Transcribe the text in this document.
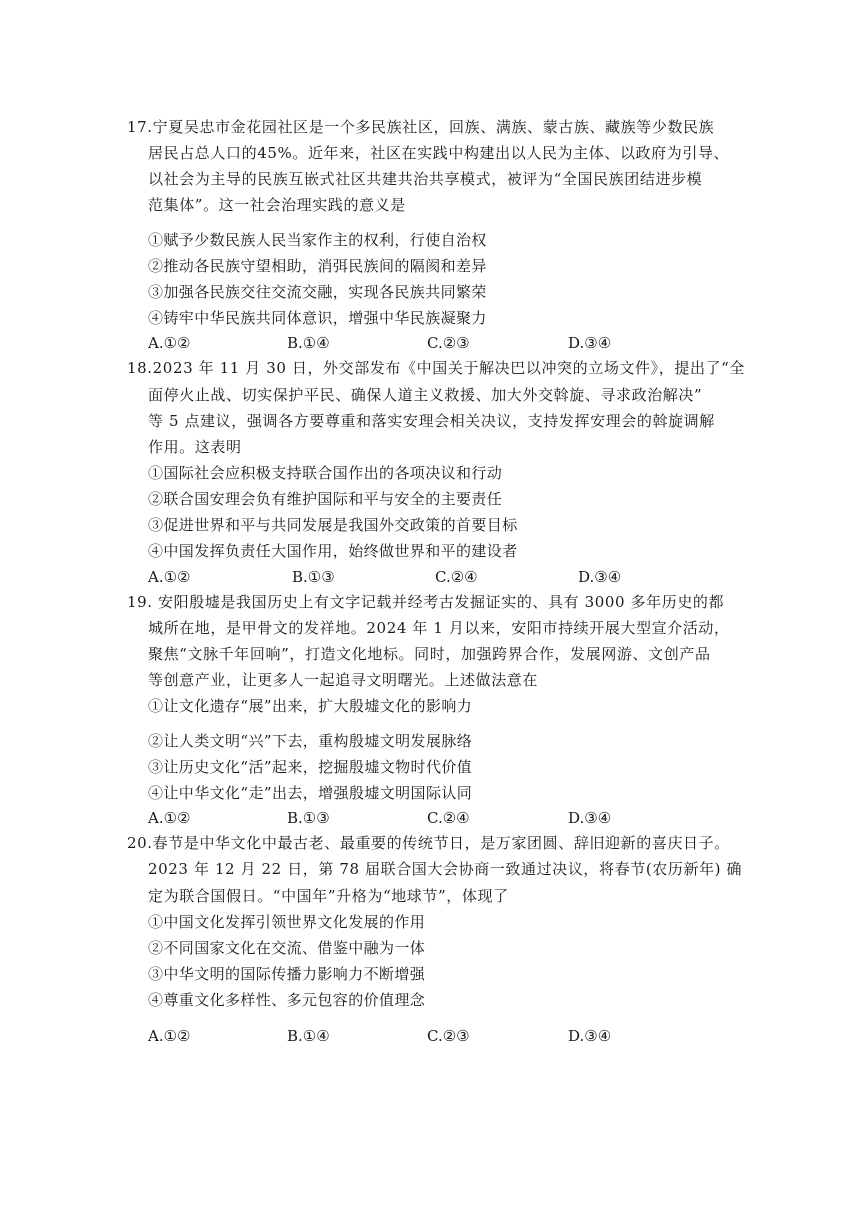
17.宁夏吴忠市金花园社区是一个多民族社区，回族、满族、蒙古族、藏族等少数民族
居民占总人口的45%。近年来，社区在实践中构建出以人民为主体、以政府为引导、
以社会为主导的民族互嵌式社区共建共治共享模式，被评为“全国民族团结进步模
范集体”。这一社会治理实践的意义是
①赋予少数民族人民当家作主的权利，行使自治权
②推动各民族守望相助，消弭民族间的隔阂和差异
③加强各民族交往交流交融，实现各民族共同繁荣
④铸牢中华民族共同体意识，增强中华民族凝聚力
A.①②	B.①④	C.②③	D.③④
18.2023 年 11 月 30 日，外交部发布《中国关于解决巴以冲突的立场文件》，提出了“全
面停火止战、切实保护平民、确保人道主义救援、加大外交斡旋、寻求政治解决”
等 5 点建议，强调各方要尊重和落实安理会相关决议，支持发挥安理会的斡旋调解
作用。这表明
①国际社会应积极支持联合国作出的各项决议和行动
②联合国安理会负有维护国际和平与安全的主要责任
③促进世界和平与共同发展是我国外交政策的首要目标
④中国发挥负责任大国作用，始终做世界和平的建设者
A.①②	B.①③	C.②④	D.③④
19. 安阳殷墟是我国历史上有文字记载并经考古发掘证实的、具有 3000 多年历史的都
城所在地，是甲骨文的发祥地。2024 年 1 月以来，安阳市持续开展大型宣介活动，
聚焦“文脉千年回响”，打造文化地标。同时，加强跨界合作，发展网游、文创产品
等创意产业，让更多人一起追寻文明曙光。上述做法意在
①让文化遗存“展”出来，扩大殷墟文化的影响力
②让人类文明“兴”下去，重构殷墟文明发展脉络
③让历史文化“活”起来，挖掘殷墟文物时代价值
④让中华文化“走”出去，增强殷墟文明国际认同
A.①②	B.①③	C.②④	D.③④
20.春节是中华文化中最古老、最重要的传统节日，是万家团圆、辞旧迎新的喜庆日子。
2023 年 12 月 22 日，第 78 届联合国大会协商一致通过决议，将春节(农历新年) 确
定为联合国假日。“中国年”升格为“地球节”，体现了
①中国文化发挥引领世界文化发展的作用
②不同国家文化在交流、借鉴中融为一体
③中华文明的国际传播力影响力不断增强
④尊重文化多样性、多元包容的价值理念
A.①②	B.①④	C.②③	D.③④
